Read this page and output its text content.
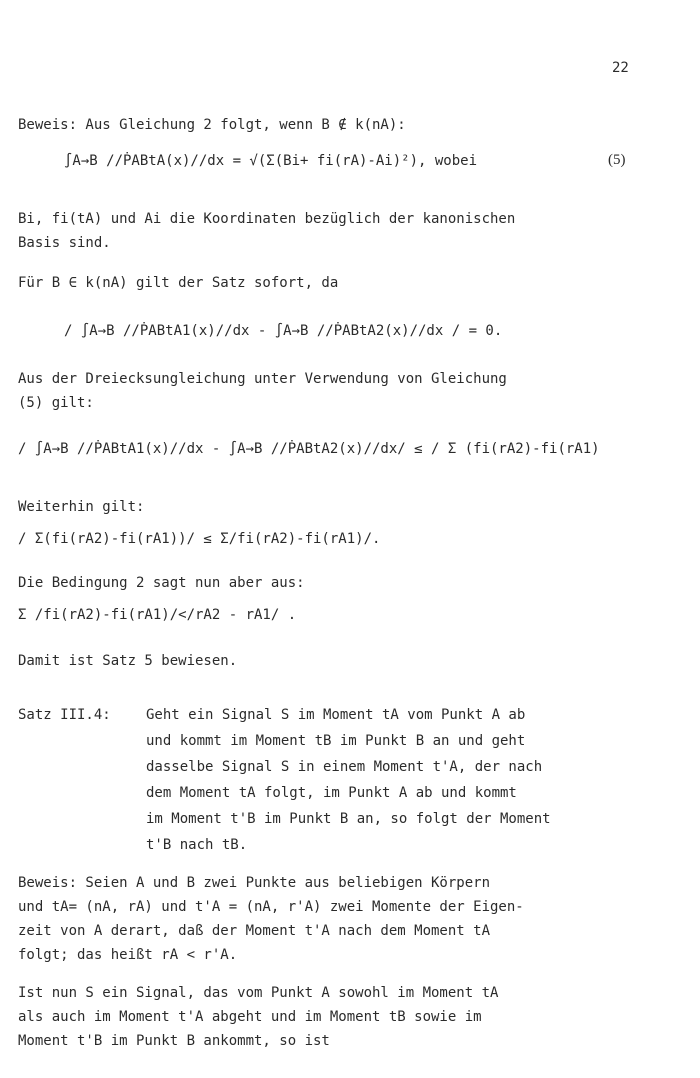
22
Beweis: Aus Gleichung 2 folgt, wenn B ∉ k(nA):
∫A→B //ṖABtA(x)//dx = √(Σ(Bi+ fi(rA)-Ai)²), wobei	(5)
Bi, fi(tA) und Ai die Koordinaten bezüglich der kanonischen
Basis sind.
Für B ∈ k(nA) gilt der Satz sofort, da
/ ∫A→B //ṖABtA1(x)//dx - ∫A→B //ṖABtA2(x)//dx / = 0.
Aus der Dreiecksungleichung unter Verwendung von Gleichung
(5) gilt:
/ ∫A→B //ṖABtA1(x)//dx - ∫A→B //ṖABtA2(x)//dx/ ≤ / Σ (fi(rA2)-fi(rA1)
Weiterhin gilt:
/ Σ(fi(rA2)-fi(rA1))/ ≤ Σ/fi(rA2)-fi(rA1)/.
Die Bedingung 2 sagt nun aber aus:
Σ /fi(rA2)-fi(rA1)/</rA2 - rA1/ .
Damit ist Satz 5 bewiesen.
Satz III.4:	Geht ein Signal S im Moment tA vom Punkt A ab
und kommt im Moment tB im Punkt B an und geht
dasselbe Signal S in einem Moment t'A, der nach
dem Moment tA folgt, im Punkt A ab und kommt
im Moment t'B im Punkt B an, so folgt der Moment
t'B nach tB.
Beweis: Seien A und B zwei Punkte aus beliebigen Körpern
und tA= (nA, rA) und t'A = (nA, r'A) zwei Momente der Eigen-
zeit von A derart, daß der Moment t'A nach dem Moment tA
folgt; das heißt rA < r'A.
Ist nun S ein Signal, das vom Punkt A sowohl im Moment tA
als auch im Moment t'A abgeht und im Moment tB sowie im
Moment t'B im Punkt B ankommt, so ist
